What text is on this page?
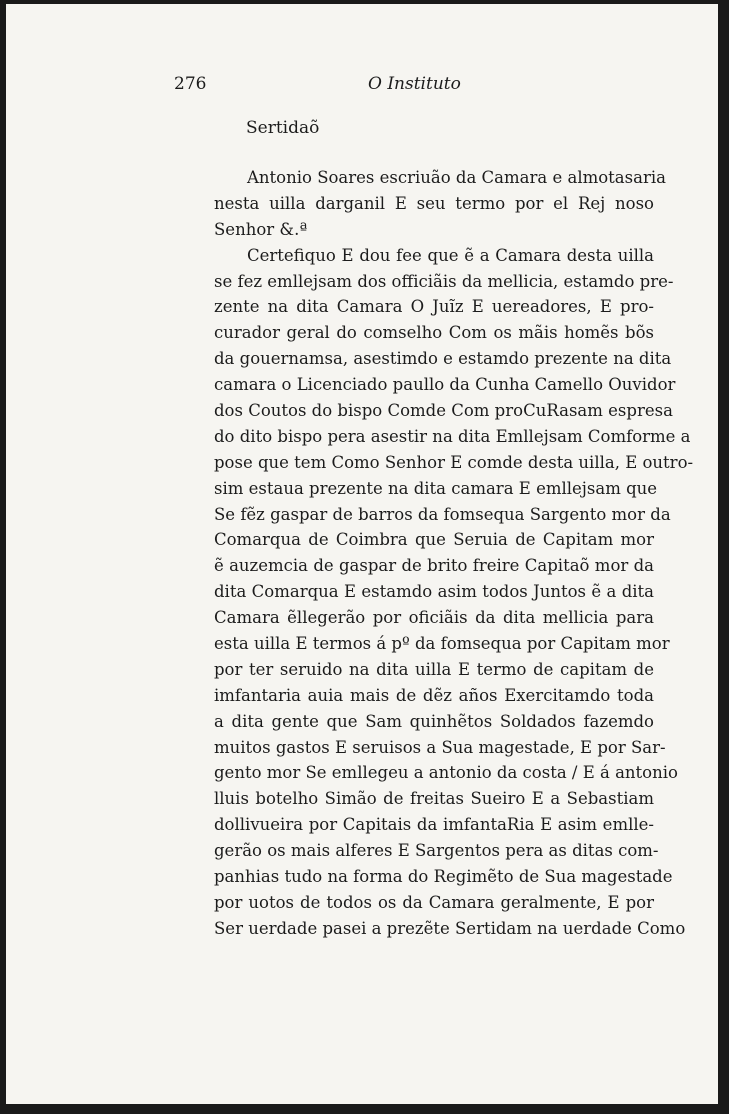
276	O Instituto
Sertidaõ
Antonio Soares escriuão da Camara e almotasaria
nesta uilla darganil E seu termo por el Rej noso
Senhor &.ª
Certefiquo E dou fee que ẽ a Camara desta uilla
se fez emllejsam dos officiãis da mellicia, estamdo pre-
zente na dita Camara O Juĩz E uereadores, E pro-
curador geral do comselho Com os mãis homẽs bõs
da gouernamsa, asestimdo e estamdo prezente na dita
camara o Licenciado paullo da Cunha Camello Ouvidor
dos Coutos do bispo Comde Com proCuRasam espresa
do dito bispo pera asestir na dita Emllejsam Comforme a
pose que tem Como Senhor E comde desta uilla, E outro-
sim estaua prezente na dita camara E emllejsam que
Se fẽz gaspar de barros da fomsequa Sargento mor da
Comarqua de Coimbra que Seruia de Capitam mor
ẽ auzemcia de gaspar de brito freire Capitaõ mor da
dita Comarqua E estamdo asim todos Juntos ẽ a dita
Camara ẽllegerão por oficiãis da dita mellicia para
esta uilla E termos á pº da fomsequa por Capitam mor
por ter seruido na dita uilla E termo de capitam de
imfantaria auia mais de dẽz años Exercitamdo toda
a dita gente que Sam quinhẽtos Soldados fazemdo
muitos gastos E seruisos a Sua magestade, E por Sar-
gento mor Se emllegeu a antonio da costa / E á antonio
lluis botelho Simão de freitas Sueiro E a Sebastiam
dollivueira por Capitais da imfantaRia E asim emlle-
gerão os mais alferes E Sargentos pera as ditas com-
panhias tudo na forma do Regimẽto de Sua magestade
por uotos de todos os da Camara geralmente, E por
Ser uerdade pasei a prezẽte Sertidam na uerdade Como
